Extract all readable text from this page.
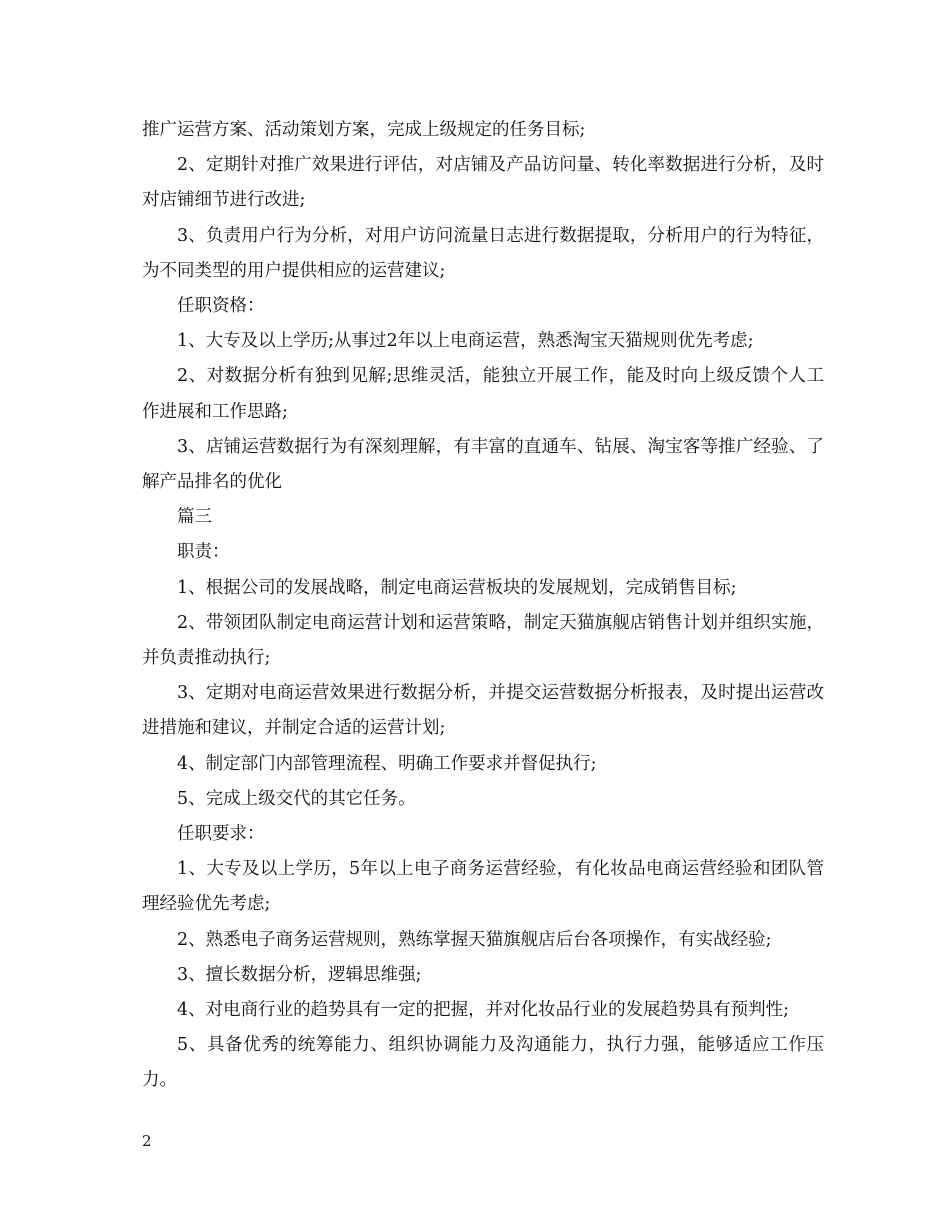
推广运营方案、活动策划方案，完成上级规定的任务目标;

2、定期针对推广效果进行评估，对店铺及产品访问量、转化率数据进行分析，及时对店铺细节进行改进;

3、负责用户行为分析，对用户访问流量日志进行数据提取，分析用户的行为特征，为不同类型的用户提供相应的运营建议;

任职资格：

1、大专及以上学历;从事过2年以上电商运营，熟悉淘宝天猫规则优先考虑;

2、对数据分析有独到见解;思维灵活，能独立开展工作，能及时向上级反馈个人工作进展和工作思路;

3、店铺运营数据行为有深刻理解，有丰富的直通车、钻展、淘宝客等推广经验、了解产品排名的优化

篇三

职责：

1、根据公司的发展战略，制定电商运营板块的发展规划，完成销售目标;

2、带领团队制定电商运营计划和运营策略，制定天猫旗舰店销售计划并组织实施，并负责推动执行;

3、定期对电商运营效果进行数据分析，并提交运营数据分析报表，及时提出运营改进措施和建议，并制定合适的运营计划;

4、制定部门内部管理流程、明确工作要求并督促执行;

5、完成上级交代的其它任务。

任职要求：

1、大专及以上学历，5年以上电子商务运营经验，有化妆品电商运营经验和团队管理经验优先考虑;

2、熟悉电子商务运营规则，熟练掌握天猫旗舰店后台各项操作，有实战经验;

3、擅长数据分析，逻辑思维强;

4、对电商行业的趋势具有一定的把握，并对化妆品行业的发展趋势具有预判性;

5、具备优秀的统筹能力、组织协调能力及沟通能力，执行力强，能够适应工作压力。

2
